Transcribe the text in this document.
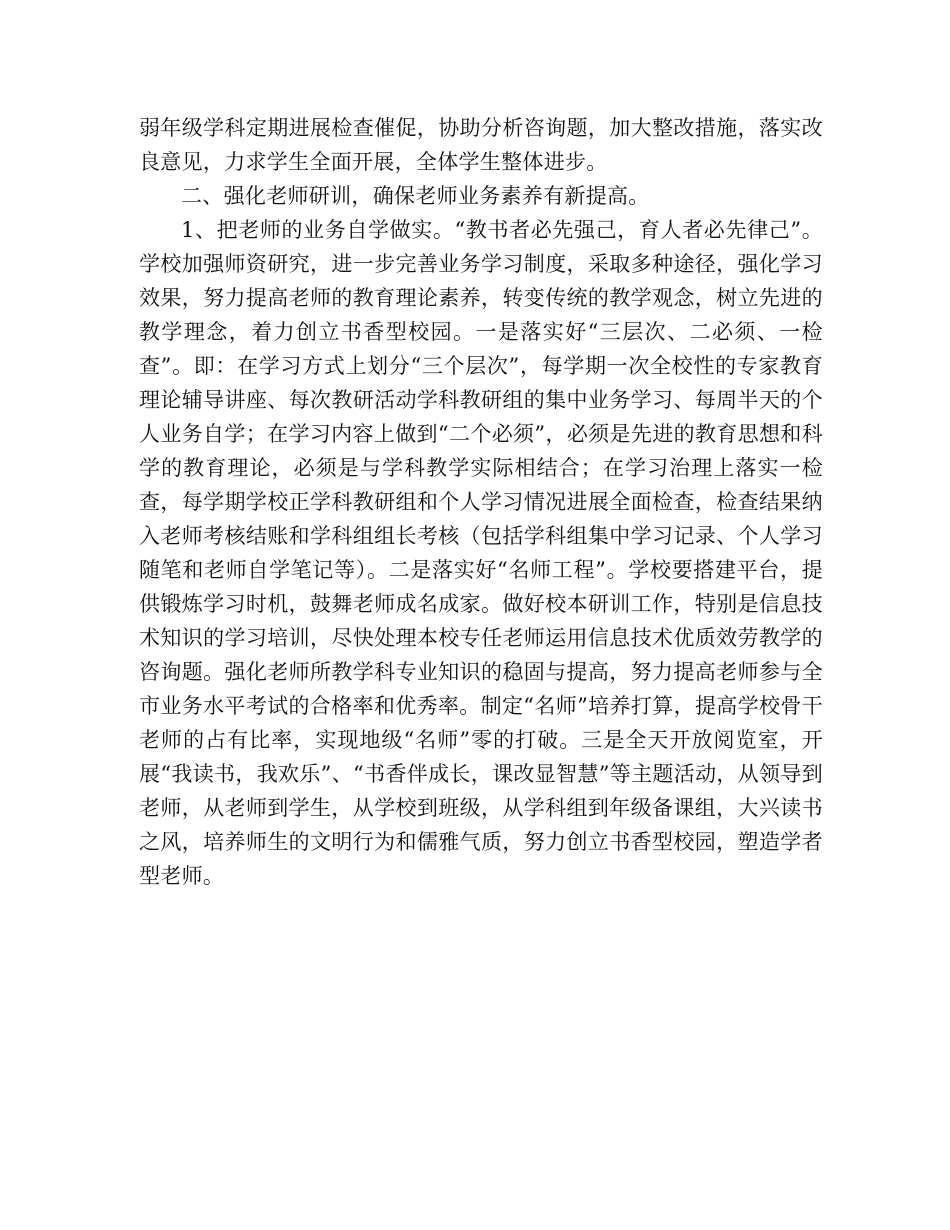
弱年级学科定期进展检查催促，协助分析咨询题，加大整改措施，落实改良意见，力求学生全面开展，全体学生整体进步。

二、强化老师研训，确保老师业务素养有新提高。

1、把老师的业务自学做实。“教书者必先强己，育人者必先律己”。学校加强师资研究，进一步完善业务学习制度，采取多种途径，强化学习效果，努力提高老师的教育理论素养，转变传统的教学观念，树立先进的教学理念，着力创立书香型校园。一是落实好“三层次、二必须、一检查”。即：在学习方式上划分“三个层次”，每学期一次全校性的专家教育理论辅导讲座、每次教研活动学科教研组的集中业务学习、每周半天的个人业务自学；在学习内容上做到“二个必须”，必须是先进的教育思想和科学的教育理论，必须是与学科教学实际相结合；在学习治理上落实一检查，每学期学校正学科教研组和个人学习情况进展全面检查，检查结果纳入老师考核结账和学科组组长考核（包括学科组集中学习记录、个人学习随笔和老师自学笔记等）。二是落实好“名师工程”。学校要搭建平台，提供锻炼学习时机，鼓舞老师成名成家。做好校本研训工作，特别是信息技术知识的学习培训，尽快处理本校专任老师运用信息技术优质效劳教学的咨询题。强化老师所教学科专业知识的稳固与提高，努力提高老师参与全市业务水平考试的合格率和优秀率。制定“名师”培养打算，提高学校骨干老师的占有比率，实现地级“名师”零的打破。三是全天开放阅览室，开展“我读书，我欢乐”、“书香伴成长，课改显智慧”等主题活动，从领导到老师，从老师到学生，从学校到班级，从学科组到年级备课组，大兴读书之风，培养师生的文明行为和儒雅气质，努力创立书香型校园，塑造学者型老师。
